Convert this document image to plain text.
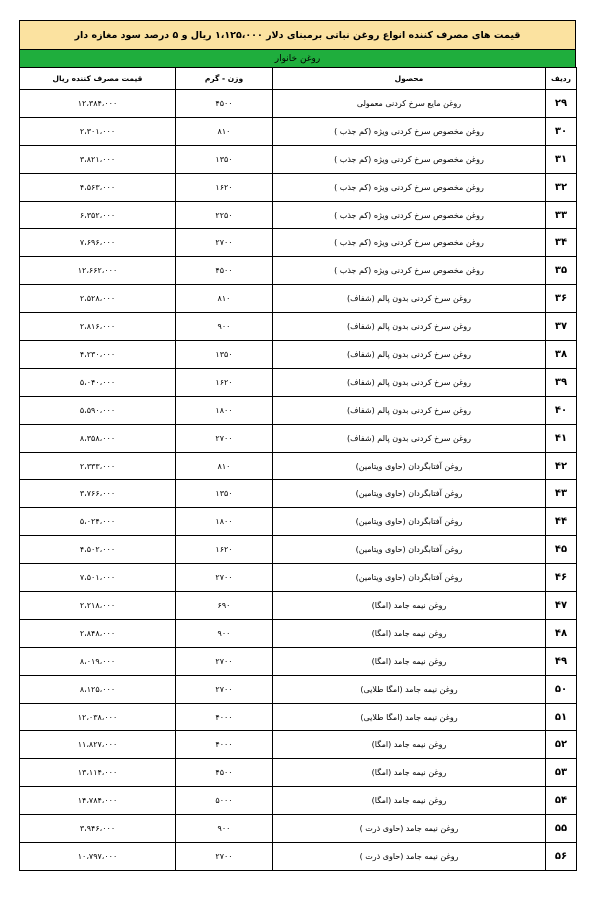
قیمت های مصرف کننده انواع روغن نباتی برمبنای دلار ۱،۱۲۵،۰۰۰ ریال و ۵ درصد سود مغازه دار
روغن خانوار
ردیف	محصول	وزن - گرم	قیمت مصرف کننده ریال
۲۹	روغن مایع سرخ کردنی معمولی	۴۵۰۰	۱۲،۳۸۴،۰۰۰
۳۰	روغن مخصوص سرخ کردنی ویژه (کم جذب )	۸۱۰	۲،۳۰۱،۰۰۰
۳۱	روغن مخصوص سرخ کردنی ویژه (کم جذب )	۱۳۵۰	۳،۸۲۱،۰۰۰
۳۲	روغن مخصوص سرخ کردنی ویژه (کم جذب )	۱۶۲۰	۴،۵۶۳،۰۰۰
۳۳	روغن مخصوص سرخ کردنی ویژه (کم جذب )	۲۲۵۰	۶،۳۵۲،۰۰۰
۳۴	روغن مخصوص سرخ کردنی ویژه (کم جذب )	۲۷۰۰	۷،۶۹۶،۰۰۰
۳۵	روغن مخصوص سرخ کردنی ویژه (کم جذب )	۴۵۰۰	۱۲،۶۶۲،۰۰۰
۳۶	روغن سرخ کردنی بدون پالم (شفاف)	۸۱۰	۲،۵۲۸،۰۰۰
۳۷	روغن سرخ کردنی بدون پالم (شفاف)	۹۰۰	۲،۸۱۶،۰۰۰
۳۸	روغن سرخ کردنی بدون پالم (شفاف)	۱۳۵۰	۴،۲۳۰،۰۰۰
۳۹	روغن سرخ کردنی بدون پالم (شفاف)	۱۶۲۰	۵،۰۴۰،۰۰۰
۴۰	روغن سرخ کردنی بدون پالم (شفاف)	۱۸۰۰	۵،۵۹۰،۰۰۰
۴۱	روغن سرخ کردنی بدون پالم (شفاف)	۲۷۰۰	۸،۳۵۸،۰۰۰
۴۲	روغن آفتابگردان (حاوی ویتامین)	۸۱۰	۲،۳۳۳،۰۰۰
۴۳	روغن آفتابگردان (حاوی ویتامین)	۱۳۵۰	۳،۷۶۶،۰۰۰
۴۴	روغن آفتابگردان (حاوی ویتامین)	۱۸۰۰	۵،۰۲۴،۰۰۰
۴۵	روغن آفتابگردان (حاوی ویتامین)	۱۶۲۰	۴،۵۰۲،۰۰۰
۴۶	روغن آفتابگردان (حاوی ویتامین)	۲۷۰۰	۷،۵۰۱،۰۰۰
۴۷	روغن نیمه جامد (امگا)	۶۹۰	۲،۲۱۸،۰۰۰
۴۸	روغن نیمه جامد (امگا)	۹۰۰	۲،۸۴۸،۰۰۰
۴۹	روغن نیمه جامد (امگا)	۲۷۰۰	۸،۰۱۹،۰۰۰
۵۰	روغن نیمه جامد (امگا طلایی)	۲۷۰۰	۸،۱۲۵،۰۰۰
۵۱	روغن نیمه جامد (امگا طلایی)	۴۰۰۰	۱۲،۰۳۸،۰۰۰
۵۲	روغن نیمه جامد (امگا)	۴۰۰۰	۱۱،۸۲۷،۰۰۰
۵۳	روغن نیمه جامد (امگا)	۴۵۰۰	۱۳،۱۱۴،۰۰۰
۵۴	روغن نیمه جامد (امگا)	۵۰۰۰	۱۴،۷۸۴،۰۰۰
۵۵	روغن نیمه جامد (حاوی ذرت )	۹۰۰	۳،۹۴۶،۰۰۰
۵۶	روغن نیمه جامد (حاوی ذرت )	۲۷۰۰	۱۰،۷۹۷،۰۰۰
